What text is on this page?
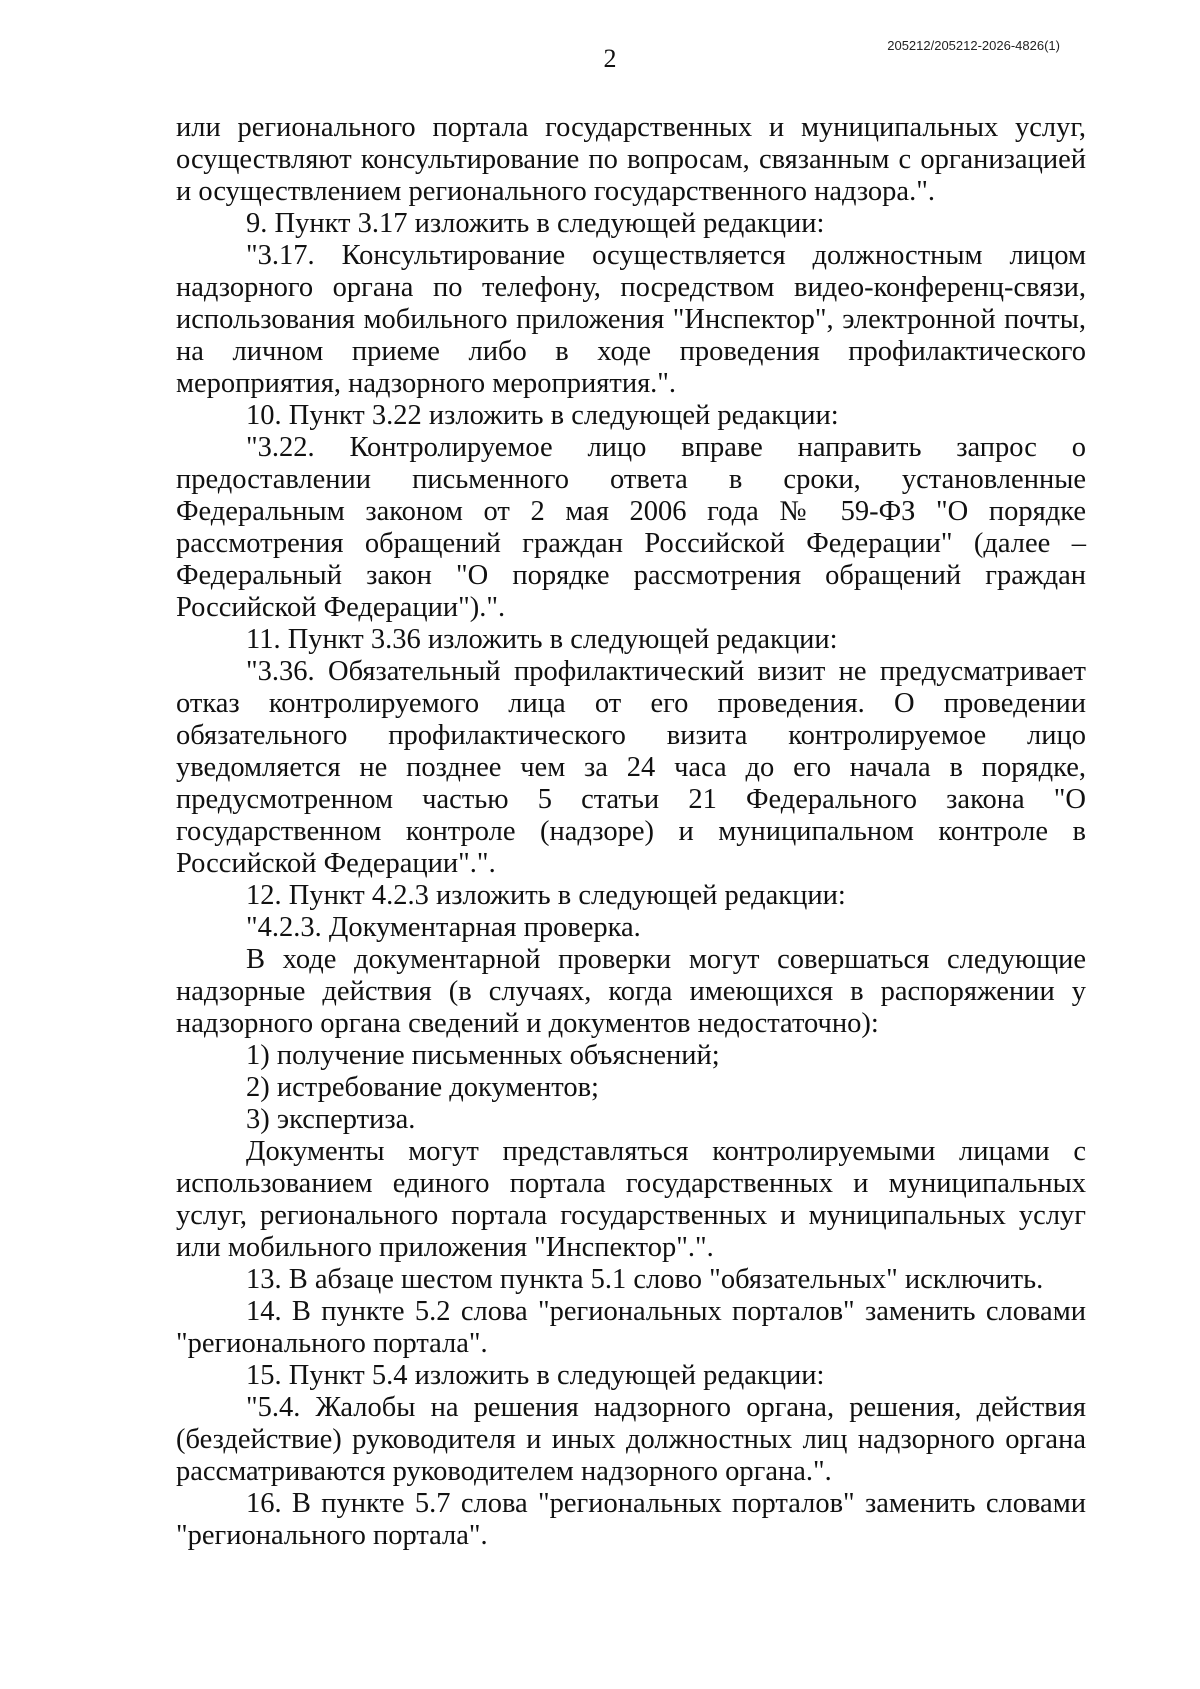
2	205212/205212-2026-4826(1)

или регионального портала государственных и муниципальных услуг, осуществляют консультирование по вопросам, связанным с организацией и осуществлением регионального государственного надзора.".

9. Пункт 3.17 изложить в следующей редакции:

"3.17. Консультирование осуществляется должностным лицом надзорного органа по телефону, посредством видео-конференц-связи, использования мобильного приложения "Инспектор", электронной почты, на личном приеме либо в ходе проведения профилактического мероприятия, надзорного мероприятия.".

10. Пункт 3.22 изложить в следующей редакции:

"3.22. Контролируемое лицо вправе направить запрос о предоставлении письменного ответа в сроки, установленные Федеральным законом от 2 мая 2006 года № 59-ФЗ "О порядке рассмотрения обращений граждан Российской Федерации" (далее – Федеральный закон "О порядке рассмотрения обращений граждан Российской Федерации").".

11. Пункт 3.36 изложить в следующей редакции:

"3.36. Обязательный профилактический визит не предусматривает отказ контролируемого лица от его проведения. О проведении обязательного профилактического визита контролируемое лицо уведомляется не позднее чем за 24 часа до его начала в порядке, предусмотренном частью 5 статьи 21 Федерального закона "О государственном контроле (надзоре) и муниципальном контроле в Российской Федерации".".

12. Пункт 4.2.3 изложить в следующей редакции:

"4.2.3. Документарная проверка.

В ходе документарной проверки могут совершаться следующие надзорные действия (в случаях, когда имеющихся в распоряжении у надзорного органа сведений и документов недостаточно):

1) получение письменных объяснений;

2) истребование документов;

3) экспертиза.

Документы могут представляться контролируемыми лицами с использованием единого портала государственных и муниципальных услуг, регионального портала государственных и муниципальных услуг или мобильного приложения "Инспектор".".

13. В абзаце шестом пункта 5.1 слово "обязательных" исключить.

14. В пункте 5.2 слова "региональных порталов" заменить словами "регионального портала".

15. Пункт 5.4 изложить в следующей редакции:

"5.4. Жалобы на решения надзорного органа, решения, действия (бездействие) руководителя и иных должностных лиц надзорного органа рассматриваются руководителем надзорного органа.".

16. В пункте 5.7 слова "региональных порталов" заменить словами "регионального портала".
